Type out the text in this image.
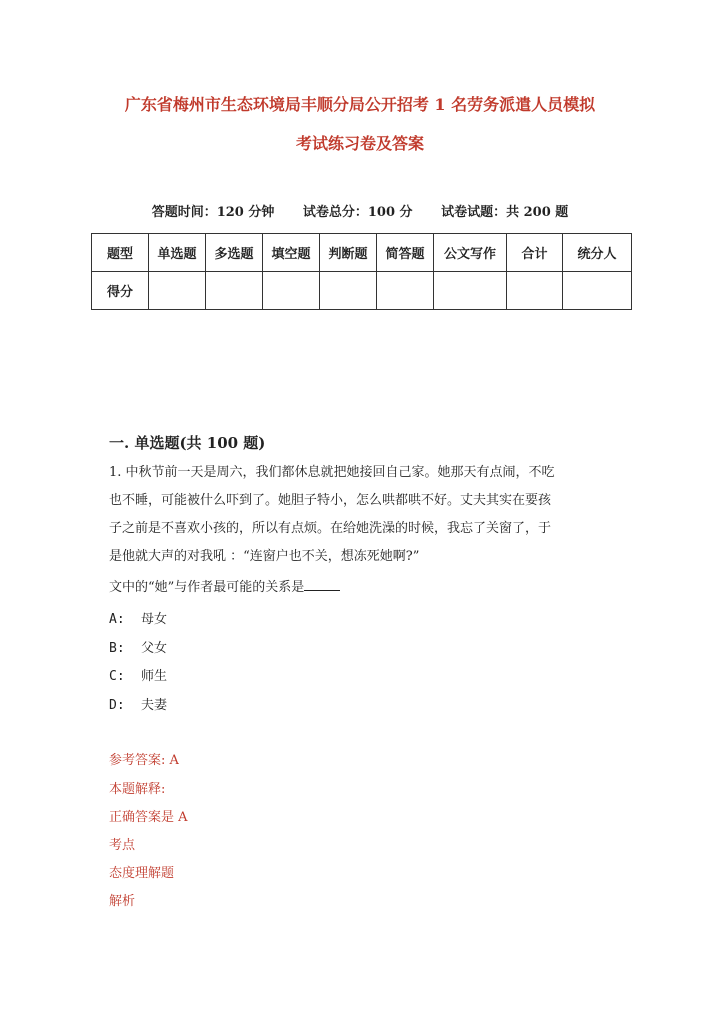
广东省梅州市生态环境局丰顺分局公开招考 1 名劳务派遣人员模拟
考试练习卷及答案
答题时间：120 分钟 试卷总分：100 分 试卷试题：共 200 题
题型	单选题	多选题	填空题	判断题	简答题	公文写作	合计	统分人
得分								
一. 单选题(共 100 题)
1. 中秋节前一天是周六，我们都休息就把她接回自己家。她那天有点闹，不吃
也不睡，可能被什么吓到了。她胆子特小，怎么哄都哄不好。丈夫其实在要孩
子之前是不喜欢小孩的，所以有点烦。在给她洗澡的时候，我忘了关窗了，于
是他就大声的对我吼 ：“连窗户也不关，想冻死她啊?”
文中的“她”与作者最可能的关系是
A: 母女
B: 父女
C: 师生
D: 夫妻
参考答案: A
本题解释:
正确答案是 A
考点
态度理解题
解析
